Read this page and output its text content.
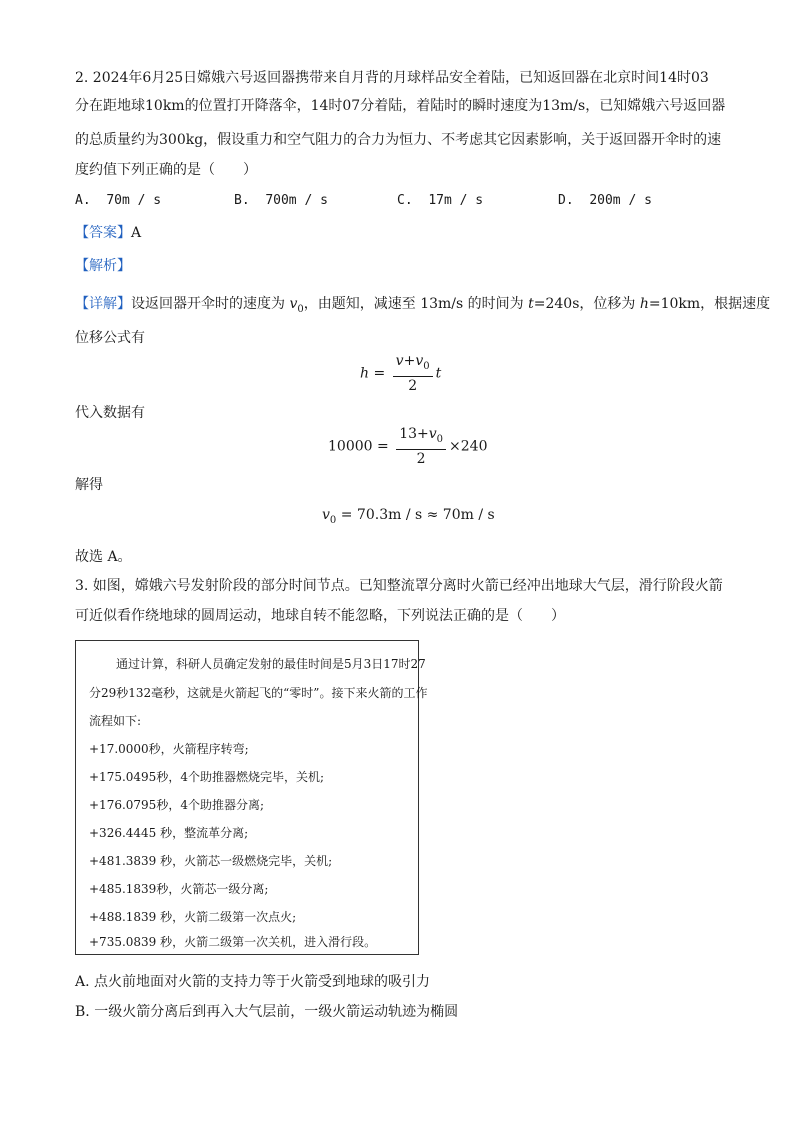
2. 2024年6月25日嫦娥六号返回器携带来自月背的月球样品安全着陆，已知返回器在北京时间14时03
分在距地球10km的位置打开降落伞，14时07分着陆，着陆时的瞬时速度为13m/s，已知嫦娥六号返回器
的总质量约为300kg，假设重力和空气阻力的合力为恒力、不考虑其它因素影响，关于返回器开伞时的速
度约值下列正确的是（　　）
A. 70m / s	B. 700m / s	C. 17m / s	D. 200m / s
【答案】A
【解析】
【详解】设返回器开伞时的速度为 $v_0$，由题知，减速至 13m/s 的时间为 t=240s，位移为 h=10km，根据速度
位移公式有
$h = \frac{v+v_0}{2}$ t
代入数据有
$10000 = \frac{13+v_0}{2} \times 240$
解得
$v_0 = 70.3m / s \approx 70m / s$
故选 A。
3. 如图，嫦娥六号发射阶段的部分时间节点。已知整流罩分离时火箭已经冲出地球大气层，滑行阶段火箭
可近似看作绕地球的圆周运动，地球自转不能忽略，下列说法正确的是（　　）
通过计算，科研人员确定发射的最佳时间是5月3日17时27
分29秒132毫秒，这就是火箭起飞的“零时”。接下来火箭的工作
流程如下:
+17.0000秒，火箭程序转弯;
+175.0495秒，4个助推器燃烧完毕，关机;
+176.0795秒，4个助推器分离;
+326.4445 秒，整流革分离;
+481.3839 秒，火箭芯一级燃烧完毕，关机;
+485.1839秒，火箭芯一级分离;
+488.1839 秒，火箭二级第一次点火;
+735.0839 秒，火箭二级第一次关机，进入滑行段。
A. 点火前地面对火箭的支持力等于火箭受到地球的吸引力
B. 一级火箭分离后到再入大气层前，一级火箭运动轨迹为椭圆
